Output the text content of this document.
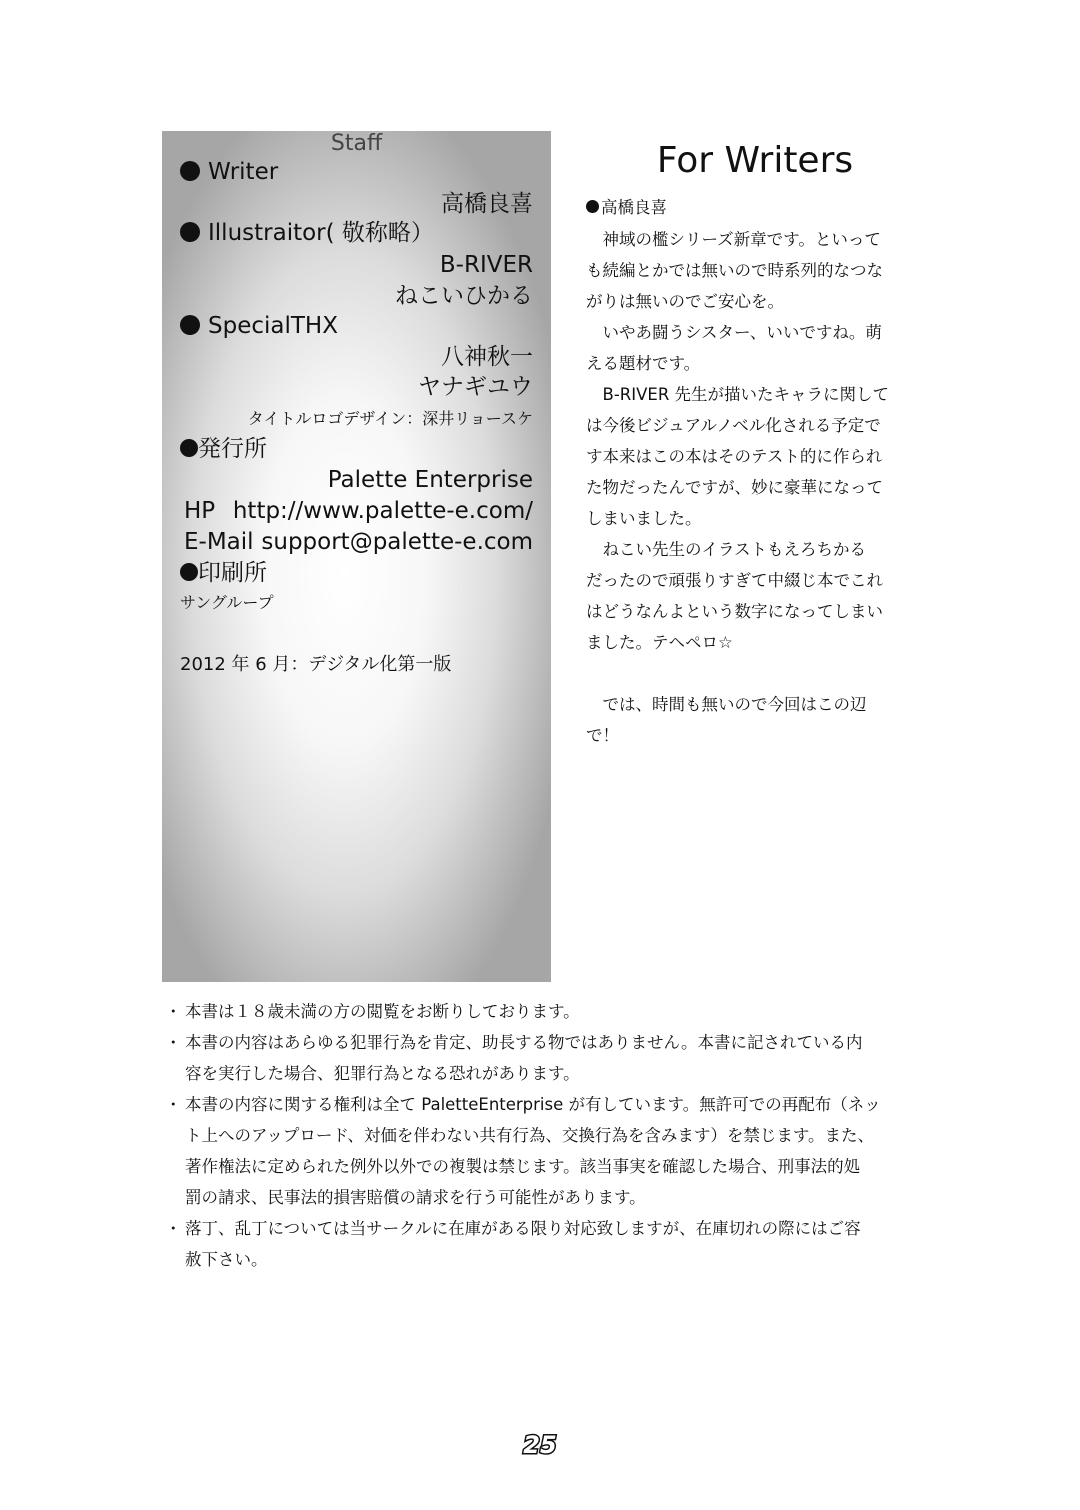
Staff
Writer
高橋良喜
Illustraitor( 敬称略）
B-RIVER
ねこいひかる
SpecialTHX
八神秋一
ヤナギユウ
タイトルロゴデザイン：深井リョースケ
発行所
Palette Enterprise
HP http://www.palette-e.com/
E-Mail support@palette-e.com
印刷所
サングループ
2012 年 6 月：デジタル化第一版
For Writers
高橋良喜
　神域の檻シリーズ新章です。といって
も続編とかでは無いので時系列的なつな
がりは無いのでご安心を。
　いやあ闘うシスター、いいですね。萌
える題材です。
　B-RIVER 先生が描いたキャラに関して
は今後ビジュアルノベル化される予定で
す本来はこの本はそのテスト的に作られ
た物だったんですが、妙に豪華になって
しまいました。
　ねこい先生のイラストもえろちかる
だったので頑張りすぎて中綴じ本でこれ
はどうなんよという数字になってしまい
ました。テヘペロ☆
　では、時間も無いので今回はこの辺
で！
・ 本書は１８歳未満の方の閲覧をお断りしております。
・ 本書の内容はあらゆる犯罪行為を肯定、助長する物ではありません。本書に記されている内
容を実行した場合、犯罪行為となる恐れがあります。
・ 本書の内容に関する権利は全て PaletteEnterprise が有しています。無許可での再配布（ネッ
ト上へのアップロード、対価を伴わない共有行為、交換行為を含みます）を禁じます。また、
著作権法に定められた例外以外での複製は禁じます。該当事実を確認した場合、刑事法的処
罰の請求、民事法的損害賠償の請求を行う可能性があります。
・ 落丁、乱丁については当サークルに在庫がある限り対応致しますが、在庫切れの際にはご容
赦下さい。
25
